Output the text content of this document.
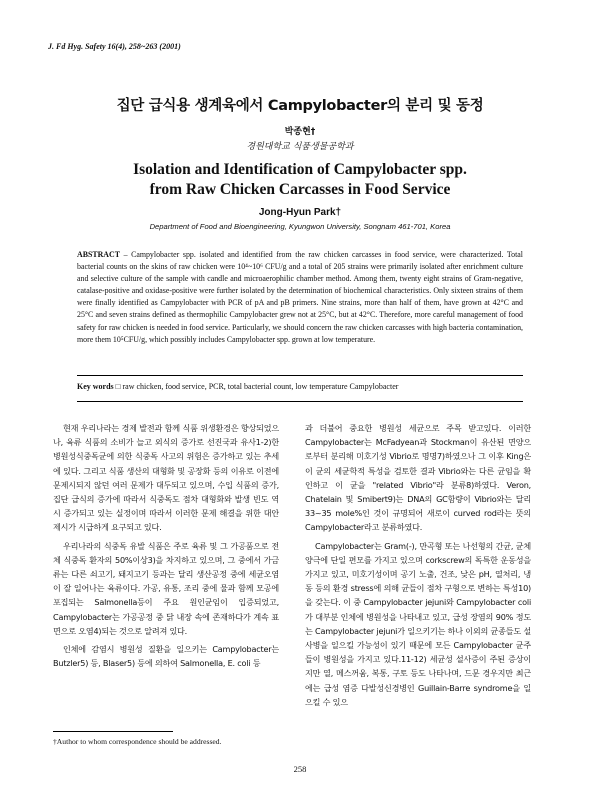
J. Fd Hyg. Safety 16(4), 258~263 (2001)
집단 급식용 생계육에서 Campylobacter의 분리 및 동정
박종현†
경원대학교 식품생물공학과
Isolation and Identification of Campylobacter spp.
from Raw Chicken Carcasses in Food Service
Jong-Hyun Park†
Department of Food and Bioengineering, Kyungwon University, Songnam 461-701, Korea
ABSTRACT – Campylobacter spp. isolated and identified from the raw chicken carcasses in food service, were characterized. Total bacterial counts on the skins of raw chicken were 10⁴~10⁶ CFU/g and a total of 205 strains were primarily isolated after enrichment culture and selective culture of the sample with candle and microaerophilic chamber method. Among them, twenty eight strains of Gram-negative, catalase-positive and oxidase-positive were further isolated by the determination of biochemical characteristics. Only sixteen strains of them were finally identified as Campylobacter with PCR of pA and pB primers. Nine strains, more than half of them, have grown at 42°C and 25°C and seven strains defined as thermophilic Campylobacter grew not at 25°C, but at 42°C. Therefore, more careful management of food safety for raw chicken is needed in food service. Particularly, we should concern the raw chicken carcasses with high bacteria contamination, more them 10⁵CFU/g, which possibly includes Campylobacter spp. grown at low temperature.
Key words □ raw chicken, food service, PCR, total bacterial count, low temperature Campylobacter

현재 우리나라는 경제 발전과 함께 식품 위생환경은 향상되었으나, 육류 식품의 소비가 늘고 외식의 증가로 선진국과 유사1-2)한 병원성식중독균에 의한 식중독 사고의 위험은 증가하고 있는 추세에 있다. 그리고 식품 생산의 대형화 및 공장화 등의 이유로 이전에 문제시되지 않던 여러 문제가 대두되고 있으며, 수입 식품의 증가, 집단 급식의 증가에 따라서 식중독도 점차 대형화와 발생 빈도 역시 증가되고 있는 실정이며 따라서 이러한 문제 해결을 위한 대안제시가 시급하게 요구되고 있다.

우리나라의 식중독 유발 식품은 주로 육류 및 그 가공품으로 전체 식중독 환자의 50%이상3)을 차지하고 있으며, 그 중에서 가금류는 다른 쇠고기, 돼지고기 등과는 달리 생산공정 중에 세균오염이 잘 일어나는 육류이다. 가공, 유통, 조리 중에 물과 함께 모공에 포집되는 Salmonella등이 주요 원인균임이 입증되었고, Campylobacter는 가공공정 중 닭 내장 속에 존재하다가 계속 표면으로 오염4)되는 것으로 알려져 있다.

인체에 감염시 병원성 질환을 일으키는 Campylobacter는 Butzler5) 등, Blaser5) 등에 의하여 Salmonella, E. coli 등

과 더불어 중요한 병원성 세균으로 주목 받고있다. 이러한 Campylobacter는 McFadyean과 Stockman이 유산된 면양으로부터 분리해 미호기성 Vibrio로 명명7)하였으나 그 이후 King은 이 균의 세균학적 특성을 검토한 결과 Vibrio와는 다른 균임을 확인하고 이 균을 "related Vibrio"라 분류8)하였다. Veron, Chatelain 및 Smibert9)는 DNA의 GC함량이 Vibrio와는 달리 33~35 mole%인 것이 규명되어 새로이 curved rod라는 뜻의 Campylobacter라고 분류하였다.

Campylobacter는 Gram(-), 만곡형 또는 나선형의 간균, 균체 양극에 단일 편모를 가지고 있으며 corkscrew의 독특한 운동성을 가지고 있고, 미호기성이며 공기 노출, 건조, 낮은 pH, 열처리, 냉동 등의 환경 stress에 의해 균들이 점차 구형으로 변하는 특성10)을 갖는다. 이 중 Campylobacter jejuni와 Campylobacter coli가 대부분 인체에 병원성을 나타내고 있고, 급성 장염의 90% 정도는 Campylobacter jejuni가 일으키기는 하나 이외의 균종들도 설사병을 일으킬 가능성이 있기 때문에 모든 Campylobacter 균주들이 병원성을 가지고 있다.11-12) 세균성 설사증이 주된 증상이지만 열, 메스꺼움, 복통, 구토 등도 나타나며, 드문 경우지만 최근에는 급성 염증 다발성신경병인 Guillain-Barre syndrome을 일으킬 수 있으

†Author to whom correspondence should be addressed.
258
